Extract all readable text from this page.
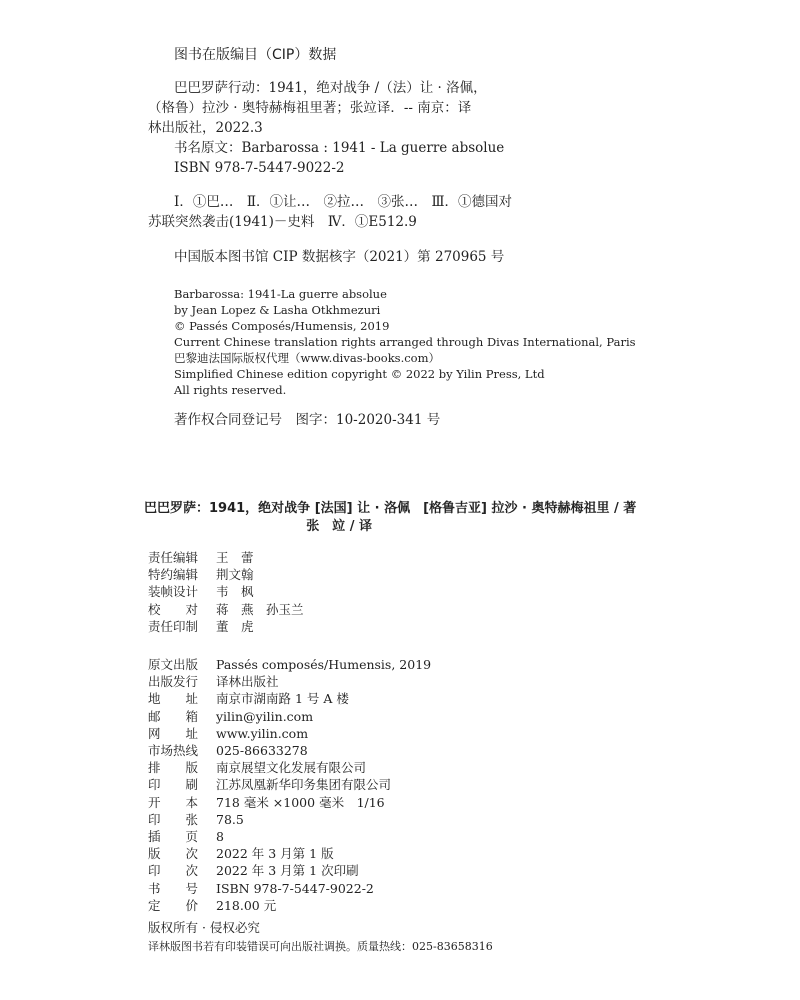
图书在版编目（CIP）数据
巴巴罗萨行动：1941，绝对战争 /（法）让 · 洛佩，
（格鲁）拉沙 · 奥特赫梅祖里著；张竝译．-- 南京：译
林出版社，2022.3
书名原文：Barbarossa : 1941 - La guerre absolue
ISBN 978-7-5447-9022-2
Ⅰ．①巴…　Ⅱ．①让…　②拉…　③张…　Ⅲ．①德国对
苏联突然袭击(1941)－史料　Ⅳ．①E512.9
中国版本图书馆 CIP 数据核字（2021）第 270965 号
Barbarossa: 1941-La guerre absolue
by Jean Lopez & Lasha Otkhmezuri
© Passés Composés/Humensis, 2019
Current Chinese translation rights arranged through Divas International, Paris
巴黎迪法国际版权代理（www.divas-books.com）
Simplified Chinese edition copyright © 2022 by Yilin Press, Ltd
All rights reserved.
著作权合同登记号　图字：10-2020-341 号
巴巴罗萨：1941，绝对战争 [法国] 让 · 洛佩　[格鲁吉亚] 拉沙 · 奥特赫梅祖里 / 著
张　竝 / 译
责任编辑	王　蕾
特约编辑	荆文翰
装帧设计	韦　枫
校　　对	蒋　燕　孙玉兰
责任印制	董　虎
原文出版	Passés composés/Humensis, 2019
出版发行	译林出版社
地　　址	南京市湖南路 1 号 A 楼
邮　　箱	yilin@yilin.com
网　　址	www.yilin.com
市场热线	025-86633278
排　　版	南京展望文化发展有限公司
印　　刷	江苏凤凰新华印务集团有限公司
开　　本	718 毫米 ×1000 毫米　1/16
印　　张	78.5
插　　页	8
版　　次	2022 年 3 月第 1 版
印　　次	2022 年 3 月第 1 次印刷
书　　号	ISBN 978-7-5447-9022-2
定　　价	218.00 元
版权所有 · 侵权必究
译林版图书若有印装错误可向出版社调换。质量热线：025-83658316
